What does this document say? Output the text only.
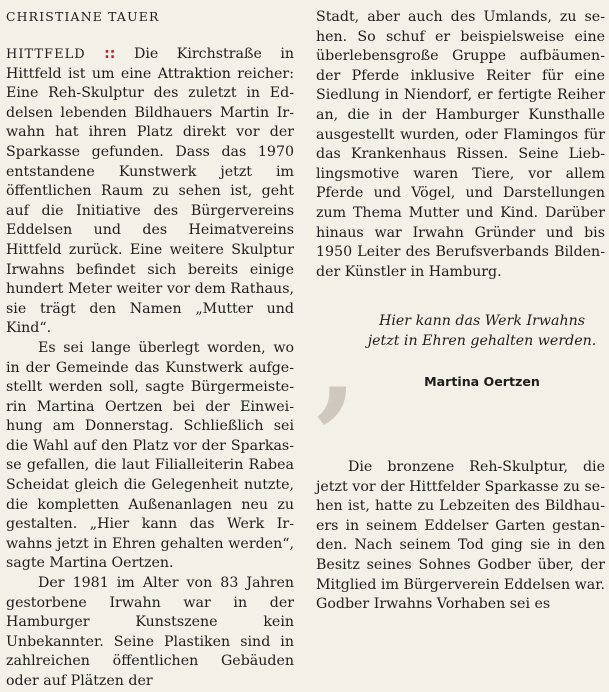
CHRISTIANE TAUER

HITTFELD :: Die Kirchstraße in Hittfeld ist um eine Attraktion reicher: Eine Reh-Skulptur des zuletzt in Eddelsen lebenden Bildhauers Martin Irwahn hat ihren Platz direkt vor der Sparkasse gefunden. Dass das 1970 entstandene Kunstwerk jetzt im öffentlichen Raum zu sehen ist, geht auf die Initiative des Bürgervereins Eddelsen und des Heimatvereins Hittfeld zurück. Eine weitere Skulptur Irwahns befindet sich bereits einige hundert Meter weiter vor dem Rathaus, sie trägt den Namen „Mutter und Kind“.

Es sei lange überlegt worden, wo in der Gemeinde das Kunstwerk aufgestellt werden soll, sagte Bürgermeisterin Martina Oertzen bei der Einweihung am Donnerstag. Schließlich sei die Wahl auf den Platz vor der Sparkasse gefallen, die laut Filialleiterin Rabea Scheidat gleich die Gelegenheit nutzte, die kompletten Außenanlagen neu zu gestalten. „Hier kann das Werk Irwahns jetzt in Ehren gehalten werden“, sagte Martina Oertzen.

Der 1981 im Alter von 83 Jahren gestorbene Irwahn war in der Hamburger Kunstszene kein Unbekannter. Seine Plastiken sind in zahlreichen öffentlichen Gebäuden oder auf Plätzen der

Stadt, aber auch des Umlands, zu sehen. So schuf er beispielsweise eine überlebensgroße Gruppe aufbäumender Pferde inklusive Reiter für eine Siedlung in Niendorf, er fertigte Reiher an, die in der Hamburger Kunsthalle ausgestellt wurden, oder Flamingos für das Krankenhaus Rissen. Seine Lieblingsmotive waren Tiere, vor allem Pferde und Vögel, und Darstellungen zum Thema Mutter und Kind. Darüber hinaus war Irwahn Gründer und bis 1950 Leiter des Berufsverbands Bildender Künstler in Hamburg.

,	Hier kann das Werk Irwahns jetzt in Ehren gehalten werden.
Martina Oertzen

Die bronzene Reh-Skulptur, die jetzt vor der Hittfelder Sparkasse zu sehen ist, hatte zu Lebzeiten des Bildhauers in seinem Eddelser Garten gestanden. Nach seinem Tod ging sie in den Besitz seines Sohnes Godber über, der Mitglied im Bürgerverein Eddelsen war. Godber Irwahns Vorhaben sei es
